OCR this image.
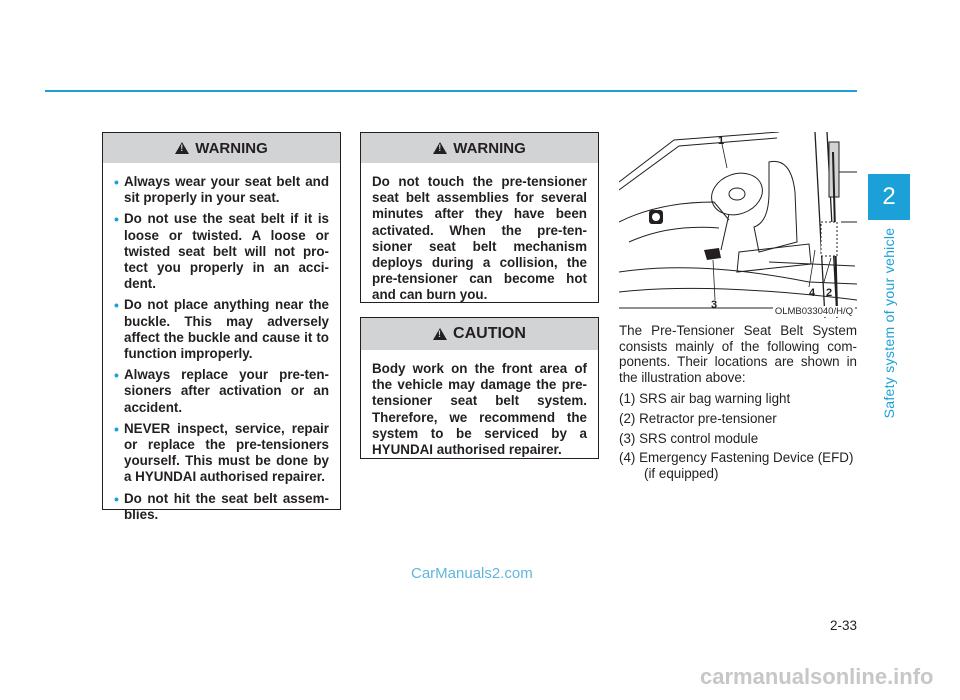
2
Safety system of your vehicle
!
WARNING
• Always wear your seat belt and sit properly in your seat.
• Do not use the seat belt if it is loose or twisted. A loose or twisted seat belt will not pro-tect you properly in an acci-dent.
• Do not place anything near the buckle. This may adversely affect the buckle and cause it to function improperly.
• Always replace your pre-ten-sioners after activation or an accident.
• NEVER inspect, service, repair or replace the pre-tensioners yourself. This must be done by a HYUNDAI authorised repairer.
• Do not hit the seat belt assem-blies.
!
WARNING

Do not touch the pre-tensioner seat belt assemblies for several minutes after they have been activated. When the pre-ten-sioner seat belt mechanism deploys during a collision, the pre-tensioner can become hot and can burn you.

!
CAUTION

Body work on the front area of the vehicle may damage the pre-tensioner seat belt system. Therefore, we recommend the system to be serviced by a HYUNDAI authorised repairer.

1
2
3
4
OLMB033040/H/Q

The Pre-Tensioner Seat Belt System consists mainly of the following com-ponents. Their locations are shown in the illustration above:

(1) SRS air bag warning light
(2) Retractor pre-tensioner
(3) SRS control module
(4) Emergency Fastening Device (EFD) (if equipped)
2-33
CarManuals2.com
carmanualsonline.info
